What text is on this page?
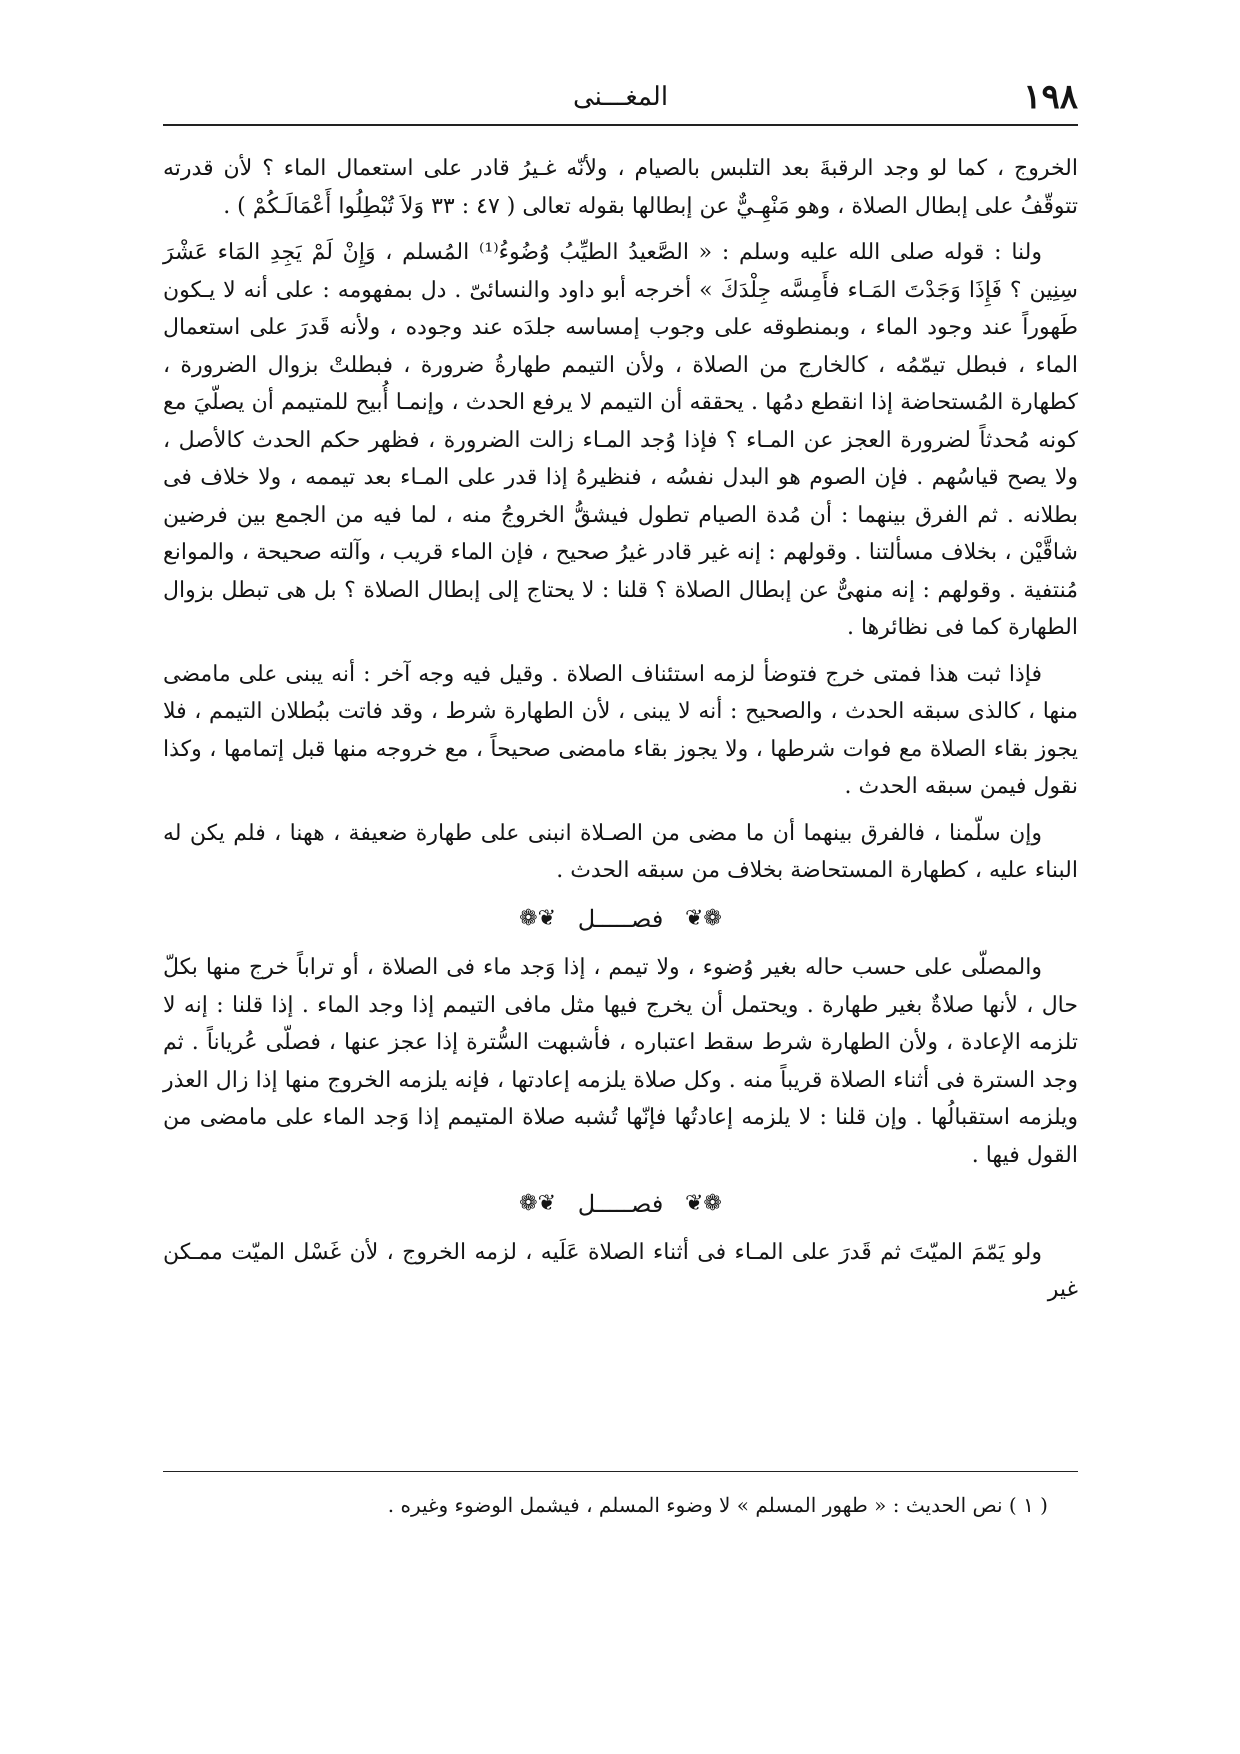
١٩٨
المغـــنى

الخروج ، كما لو وجد الرقبةَ بعد التلبس بالصيام ، ولأنّه غـيرُ قادر على استعمال الماء ؟ لأن قدرته تتوقّفُ على إبطال الصلاة ، وهو مَنْهِـيٌّ عن إبطالها بقوله تعالى ( ٤٧ : ٣٣ وَلاَ تُبْطِلُوا أَعْمَالَـكُمْ ) .

ولنا : قوله صلى الله عليه وسلم : « الصَّعيدُ الطيِّبُ وُضُوءُ⁽¹⁾ المُسلم ، وَإِنْ لَمْ يَجِدِ المَاء عَشْرَ سِنِين ؟ فَإِذَا وَجَدْتَ المَـاء فأَمِسَّه جِلْدَكَ » أخرجه أبو داود والنسائىّ . دل بمفهومه : على أنه لا يـكون طَهوراً عند وجود الماء ، وبمنطوقه على وجوب إمساسه جلدَه عند وجوده ، ولأنه قَدرَ على استعمال الماء ، فبطل تيمّمُه ، كالخارج من الصلاة ، ولأن التيمم طهارةُ ضرورة ، فبطلتْ بزوال الضرورة ، كطهارة المُستحاضة إذا انقطع دمُها . يحققه أن التيمم لا يرفع الحدث ، وإنمـا أُبيح للمتيمم أن يصلّيَ مع كونه مُحدثاً لضرورة العجز عن المـاء ؟ فإذا وُجد المـاء زالت الضرورة ، فظهر حكم الحدث كالأصل ، ولا يصح قياسُهم . فإن الصوم هو البدل نفسُه ، فنظيرهُ إذا قدر على المـاء بعد تيممه ، ولا خلاف فى بطلانه . ثم الفرق بينهما : أن مُدة الصيام تطول فيشقُّ الخروجُ منه ، لما فيه من الجمع بين فرضين شاقَّيْن ، بخلاف مسألتنا . وقولهم : إنه غير قادر غيرُ صحيح ، فإن الماء قريب ، وآلته صحيحة ، والموانع مُنتفية . وقولهم : إنه منهىٌّ عن إبطال الصلاة ؟ قلنا : لا يحتاج إلى إبطال الصلاة ؟ بل هى تبطل بزوال الطهارة كما فى نظائرها .

فإذا ثبت هذا فمتى خرج فتوضأ لزمه استئناف الصلاة . وقيل فيه وجه آخر : أنه يبنى على مامضى منها ، كالذى سبقه الحدث ، والصحيح : أنه لا يبنى ، لأن الطهارة شرط ، وقد فاتت ببُطلان التيمم ، فلا يجوز بقاء الصلاة مع فوات شرطها ، ولا يجوز بقاء مامضى صحيحاً ، مع خروجه منها قبل إتمامها ، وكذا نقول فيمن سبقه الحدث .

وإن سلّمنا ، فالفرق بينهما أن ما مضى من الصـلاة انبنى على طهارة ضعيفة ، ههنا ، فلم يكن له البناء عليه ، كطهارة المستحاضة بخلاف من سبقه الحدث .

❁❦ فصـــــل ❦❁

والمصلّى على حسب حاله بغير وُضوء ، ولا تيمم ، إذا وَجد ماء فى الصلاة ، أو تراباً خرج منها بكلّ حال ، لأنها صلاةٌ بغير طهارة . ويحتمل أن يخرج فيها مثل مافى التيمم إذا وجد الماء . إذا قلنا : إنه لا تلزمه الإعادة ، ولأن الطهارة شرط سقط اعتباره ، فأشبهت السُّترة إذا عجز عنها ، فصلّى عُرياناً . ثم وجد السترة فى أثناء الصلاة قريباً منه . وكل صلاة يلزمه إعادتها ، فإنه يلزمه الخروج منها إذا زال العذر ويلزمه استقبالُها . وإن قلنا : لا يلزمه إعادتُها فإنّها تُشبه صلاة المتيمم إذا وَجد الماء على مامضى من القول فيها .

❁❦ فصـــــل ❦❁

ولو يَمّمَ الميّتَ ثم قَدرَ على المـاء فى أثناء الصلاة عَلَيه ، لزمه الخروج ، لأن غَسْل الميّت ممـكن غير

( ١ ) نص الحديث : « طهور المسلم » لا وضوء المسلم ، فيشمل الوضوء وغيره .
